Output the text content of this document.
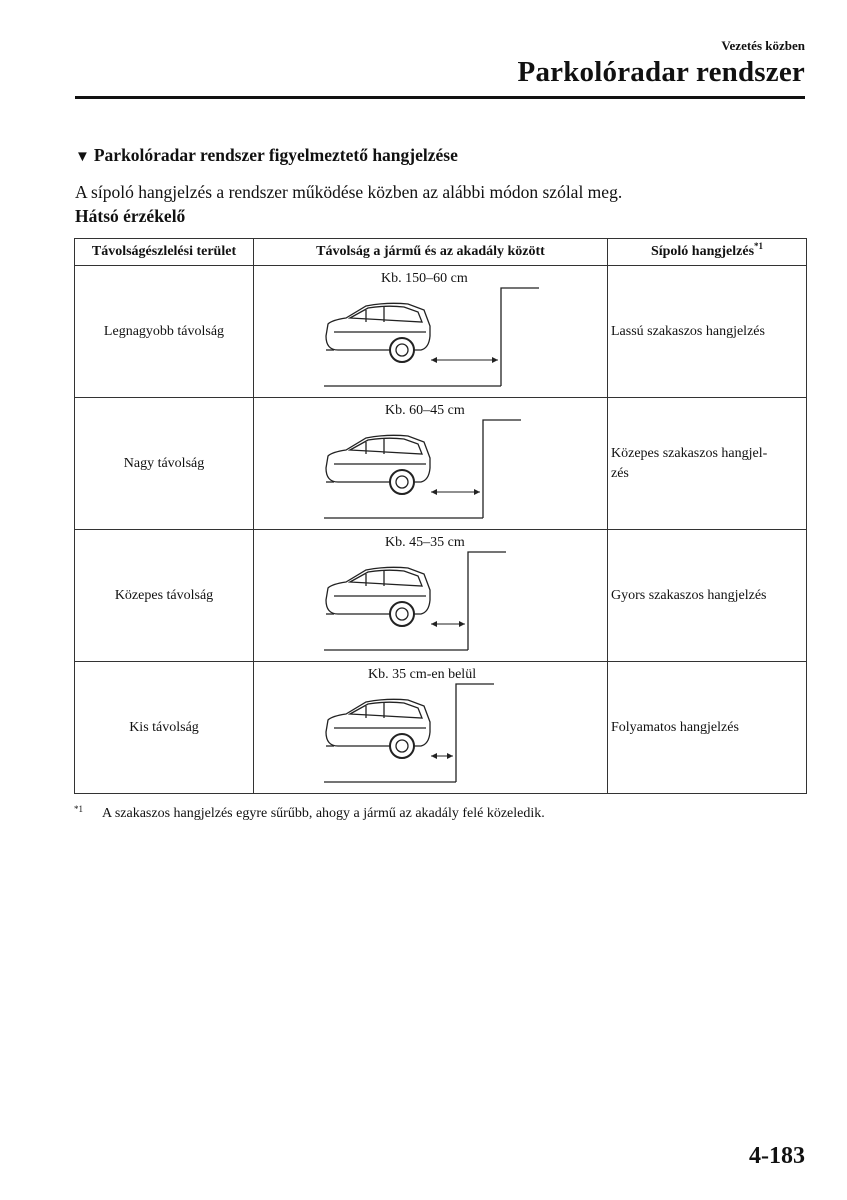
Vezetés közben
Parkolóradar rendszer
▼ Parkolóradar rendszer figyelmeztető hangjelzése
A sípoló hangjelzés a rendszer működése közben az alábbi módon szólal meg.
Hátsó érzékelő
Távolságészlelési terület	Távolság a jármű és az akadály között	Sípoló hangjelzés$^{*1}$
Legnagyobb távolság	Kb. 150–60 cm	Lassú szakaszos hangjelzés
Nagy távolság	Kb. 60–45 cm	Közepes szakaszos hangjel-
zés
Közepes távolság	Kb. 45–35 cm	Gyors szakaszos hangjelzés
Kis távolság	Kb. 35 cm-en belül	Folyamatos hangjelzés
$^{*1}$ A szakaszos hangjelzés egyre sűrűbb, ahogy a jármű az akadály felé közeledik.
4-183
